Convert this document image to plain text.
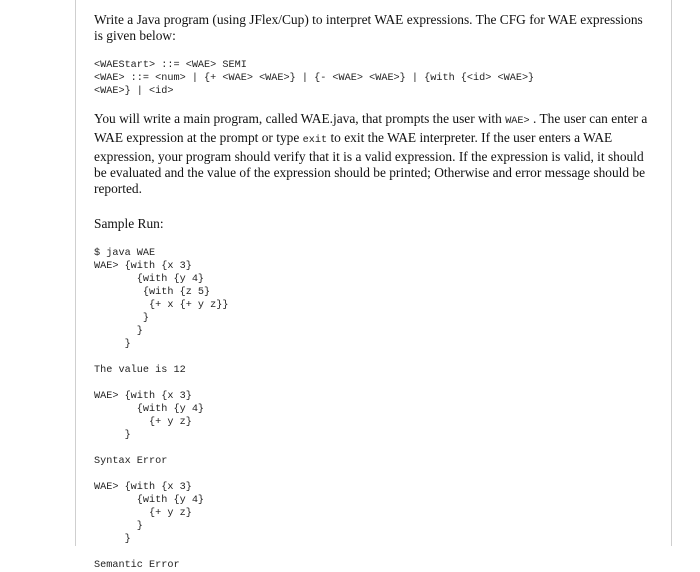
Write a Java program (using JFlex/Cup) to interpret WAE expressions. The CFG for WAE expressions is given below:

<WAEStart> ::= <WAE> SEMI
<WAE> ::= <num> | {+ <WAE> <WAE>} | {- <WAE> <WAE>} | {with {<id> <WAE>}
<WAE>} | <id>

You will write a main program, called WAE.java, that prompts the user with WAE> . The user can enter a WAE expression at the prompt or type exit to exit the WAE interpreter. If the user enters a WAE expression, your program should verify that it is a valid expression. If the expression is valid, it should be evaluated and the value of the expression should be printed; Otherwise and error message should be reported.

Sample Run:

$ java WAE
WAE> {with {x 3}
{with {y 4}
{with {z 5}
{+ x {+ y z}}
}
}
}
The value is 12
WAE> {with {x 3}
{with {y 4}
{+ y z}
}
Syntax Error
WAE> {with {x 3}
{with {y 4}
{+ y z}
}
}
Semantic Error
